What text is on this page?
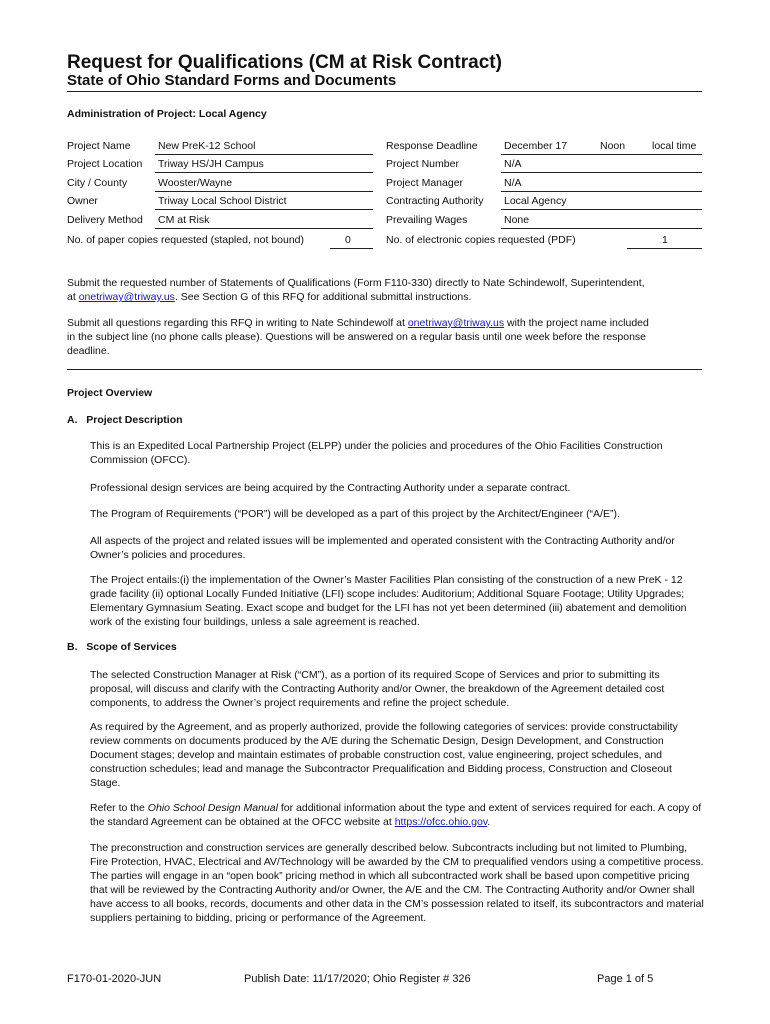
Request for Qualifications (CM at Risk Contract)
State of Ohio Standard Forms and Documents
Administration of Project: Local Agency
Project Name	New PreK-12 School
Project Location Triway HS/JH Campus
City / County	Wooster/Wayne
Owner	Triway Local School District
Delivery Method CM at Risk
No. of paper copies requested (stapled, not bound)	0
Response Deadline	December 17	Noon	local time
Project Number	N/A
Project Manager	N/A
Contracting Authority Local Agency
Prevailing Wages	None
No. of electronic copies requested (PDF)	1
Submit the requested number of Statements of Qualifications (Form F110-330) directly to Nate Schindewolf, Superintendent,
at onetriway@triway.us. See Section G of this RFQ for additional submittal instructions.
Submit all questions regarding this RFQ in writing to Nate Schindewolf at onetriway@triway.us with the project name included
in the subject line (no phone calls please). Questions will be answered on a regular basis until one week before the response
deadline.
Project Overview
A.   Project Description
This is an Expedited Local Partnership Project (ELPP) under the policies and procedures of the Ohio Facilities Construction Commission (OFCC).
Professional design services are being acquired by the Contracting Authority under a separate contract.
The Program of Requirements (“POR”) will be developed as a part of this project by the Architect/Engineer (“A/E”).
All aspects of the project and related issues will be implemented and operated consistent with the Contracting Authority and/or Owner’s policies and procedures.
The Project entails:(i) the implementation of the Owner’s Master Facilities Plan consisting of the construction of a new PreK - 12 grade facility (ii) optional Locally Funded Initiative (LFI) scope includes: Auditorium; Additional Square Footage; Utility Upgrades; Elementary Gymnasium Seating. Exact scope and budget for the LFI has not yet been determined (iii) abatement and demolition work of the existing four buildings, unless a sale agreement is reached.
B.   Scope of Services
The selected Construction Manager at Risk (“CM”), as a portion of its required Scope of Services and prior to submitting its proposal, will discuss and clarify with the Contracting Authority and/or Owner, the breakdown of the Agreement detailed cost components, to address the Owner’s project requirements and refine the project schedule.
As required by the Agreement, and as properly authorized, provide the following categories of services: provide constructability review comments on documents produced by the A/E during the Schematic Design, Design Development, and Construction Document stages; develop and maintain estimates of probable construction cost, value engineering, project schedules, and construction schedules; lead and manage the Subcontractor Prequalification and Bidding process, Construction and Closeout Stage.
Refer to the Ohio School Design Manual for additional information about the type and extent of services required for each. A copy of the standard Agreement can be obtained at the OFCC website at https://ofcc.ohio.gov.
The preconstruction and construction services are generally described below. Subcontracts including but not limited to Plumbing, Fire Protection, HVAC, Electrical and AV/Technology will be awarded by the CM to prequalified vendors using a competitive process. The parties will engage in an “open book” pricing method in which all subcontracted work shall be based upon competitive pricing that will be reviewed by the Contracting Authority and/or Owner, the A/E and the CM. The Contracting Authority and/or Owner shall have access to all books, records, documents and other data in the CM’s possession related to itself, its subcontractors and material suppliers pertaining to bidding, pricing or performance of the Agreement.
F170-01-2020-JUN	Publish Date: 11/17/2020; Ohio Register # 326	Page 1 of 5
